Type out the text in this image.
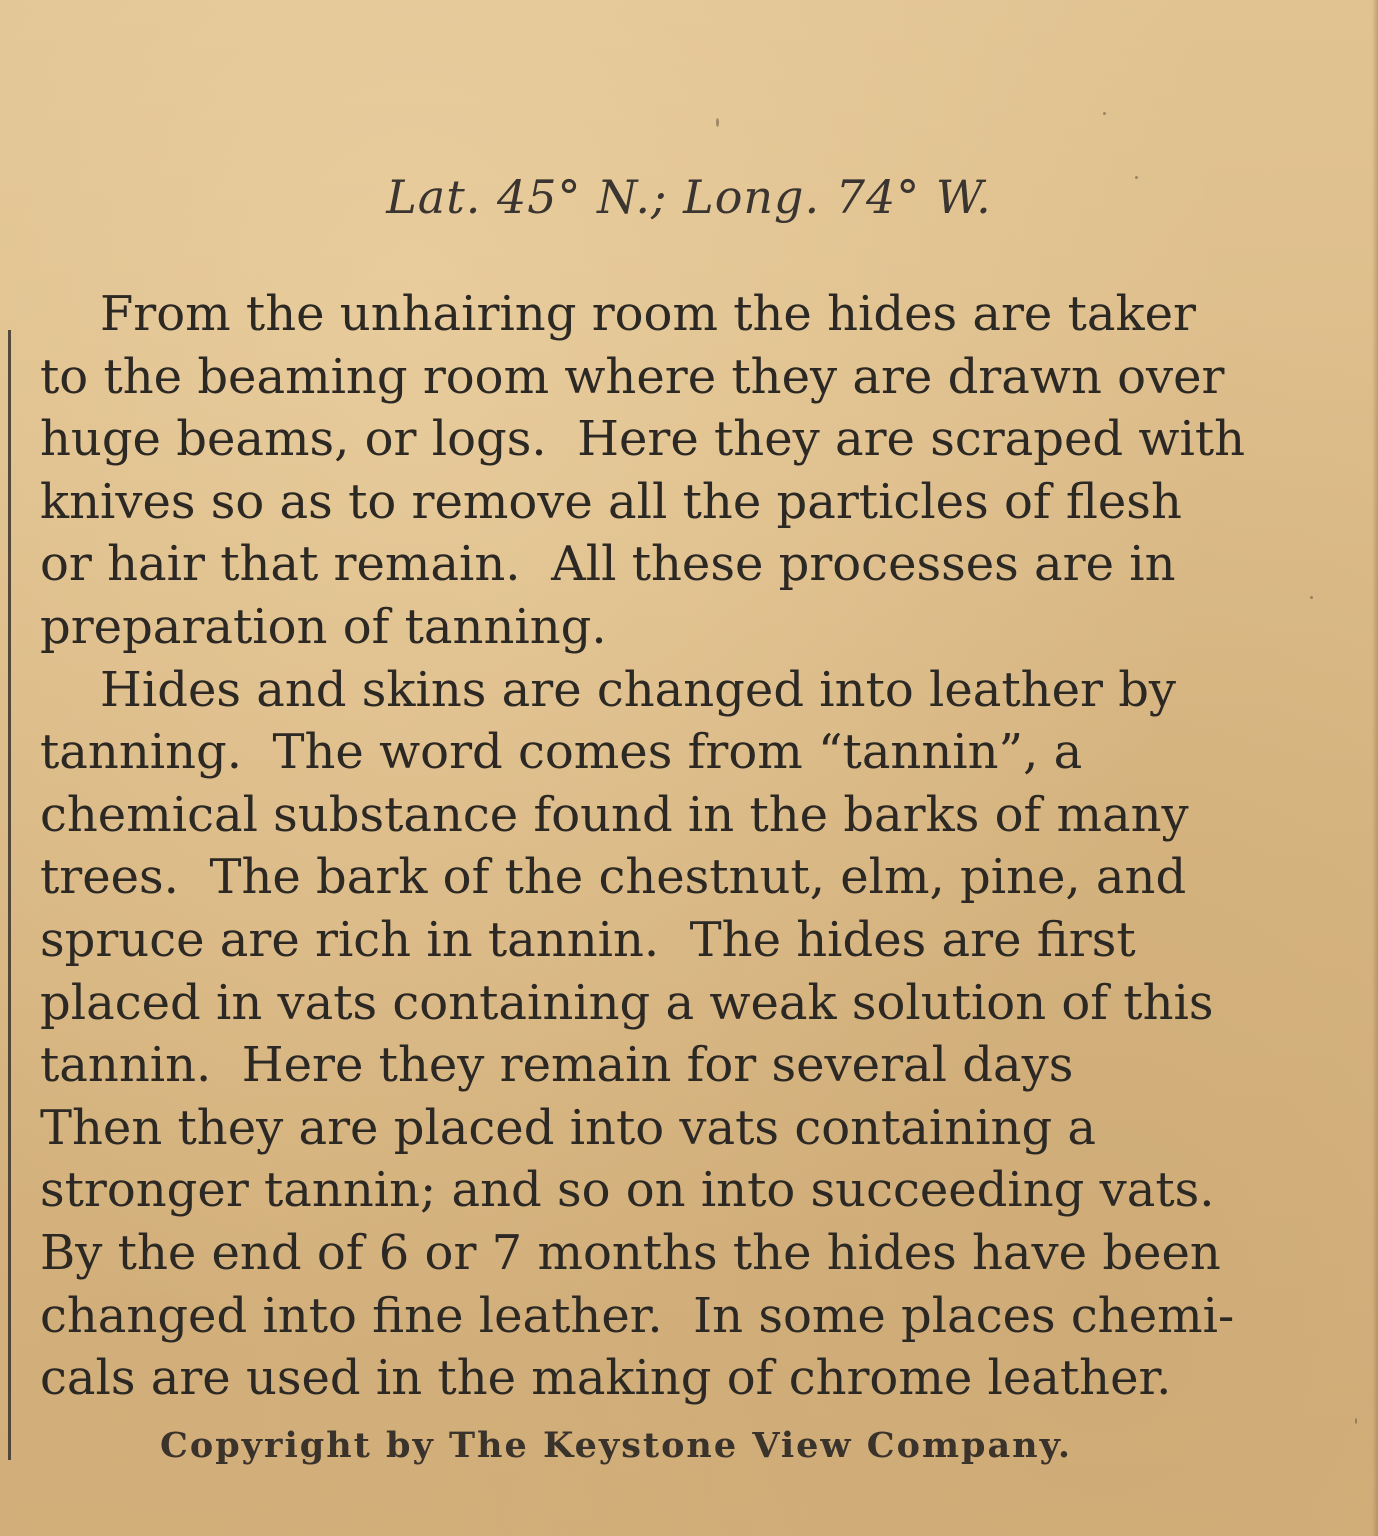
Lat. 45° N.; Long. 74° W.

From the unhairing room the hides are taker

to the beaming room where they are drawn over

huge beams, or logs.  Here they are scraped with

knives so as to remove all the particles of flesh

or hair that remain.  All these processes are in

preparation of tanning.

Hides and skins are changed into leather by

tanning.  The word comes from “tannin”, a

chemical substance found in the barks of many

trees.  The bark of the chestnut, elm, pine, and

spruce are rich in tannin.  The hides are first

placed in vats containing a weak solution of this

tannin.  Here they remain for several days

Then they are placed into vats containing a

stronger tannin; and so on into succeeding vats.

By the end of 6 or 7 months the hides have been

changed into fine leather.  In some places chemi-

cals are used in the making of chrome leather.

Copyright by The Keystone View Company.
